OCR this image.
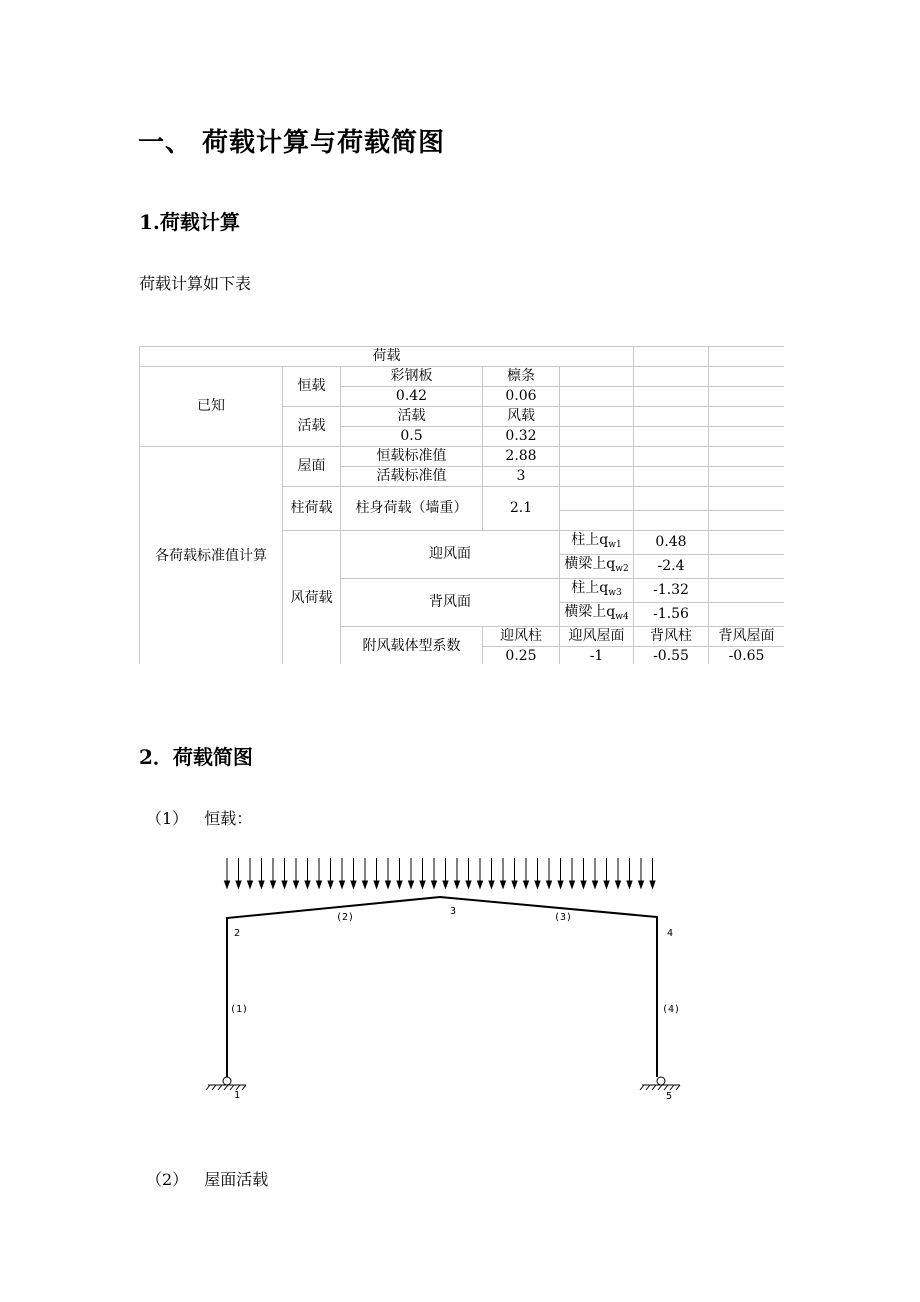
一、 荷载计算与荷载简图
1.荷载计算
荷载计算如下表
荷载							
已知	恒载	彩钢板	檩条				
		0.42	0.06				
	活载	活载	风载				
		0.5	0.32				
各荷载标准值计算	屋面	恒载标准值	2.88				
		活载标准值	3				
	柱荷载	柱身荷载（墙重）	2.1				

	风荷载	迎风面		柱上$q_{w1}$	0.48		
				横梁上$q_{w2}$	-2.4		
		背风面		柱上$q_{w3}$	-1.32		
				横梁上$q_{w4}$	-1.56		
		附风载体型系数	迎风柱	迎风屋面	背风柱	背风屋面		
			0.25	-1	-0.55	-0.65		
2．荷载简图
（1） 恒载：
1
2
3
4
5
(1)
(2)	(3)
(4)
（2） 屋面活载
